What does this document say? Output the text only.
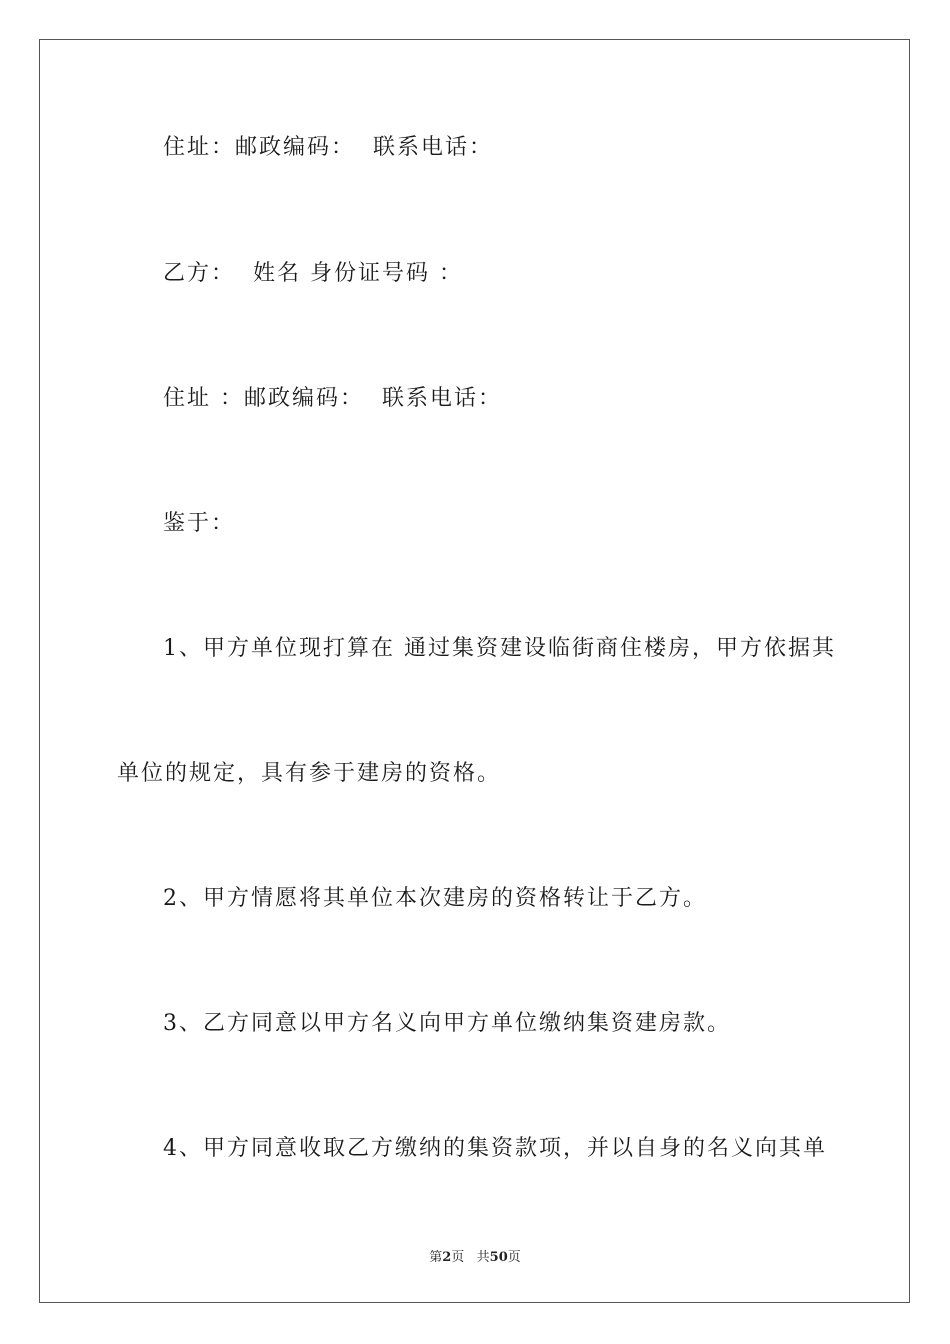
住址：邮政编码：  联系电话：
乙方：  姓名 身份证号码 ：
住址 ：邮政编码：  联系电话：
鉴于：
1、甲方单位现打算在 通过集资建设临街商住楼房，甲方依据其
单位的规定，具有参于建房的资格。
2、甲方情愿将其单位本次建房的资格转让于乙方。
3、乙方同意以甲方名义向甲方单位缴纳集资建房款。
4、甲方同意收取乙方缴纳的集资款项，并以自身的名义向其单
第2页   共50页
